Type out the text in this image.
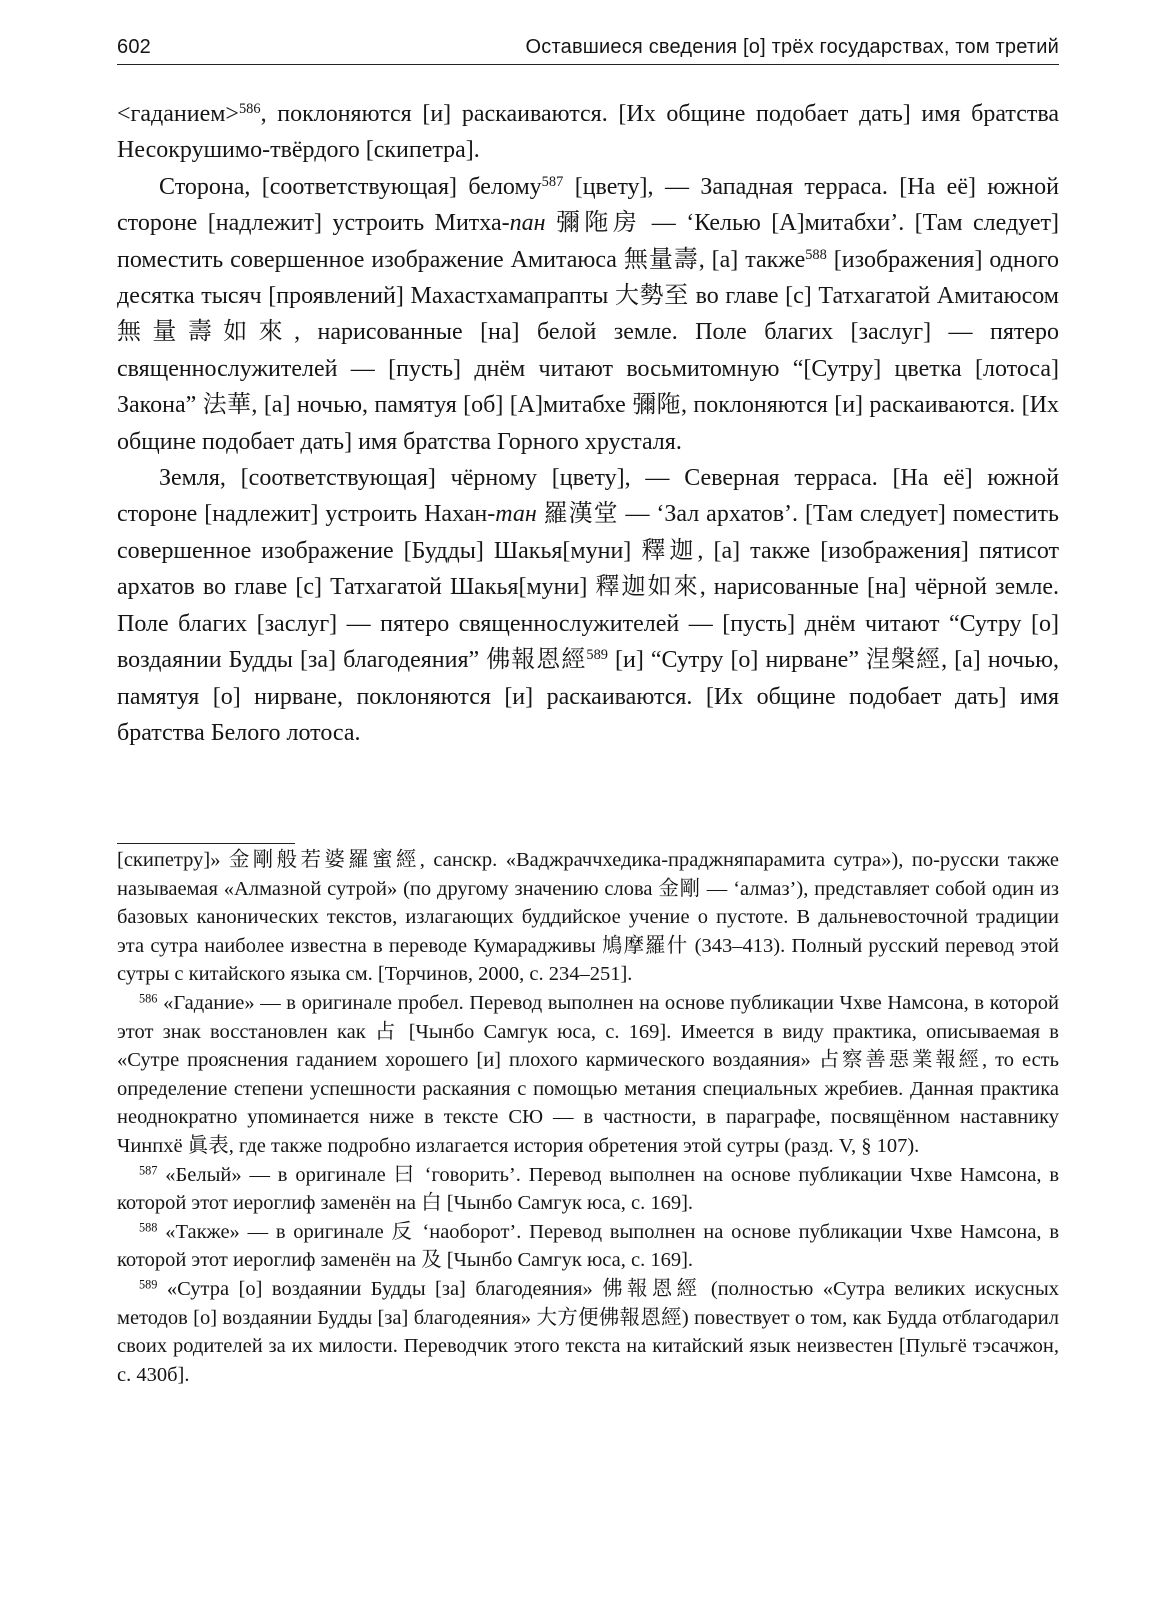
602	Оставшиеся сведения [о] трёх государствах, том третий

<гаданием>$^{586}$, поклоняются [и] раскаиваются. [Их общине подобает дать] имя братства Несокрушимо-твёрдого [скипетра].

Сторона, [соответствующая] белому$^{587}$ [цвету], — Западная терраса. [На её] южной стороне [надлежит] устроить Митха-пан 彌陁房 — ‘Келью [А]митабхи’. [Там следует] поместить совершенное изображение Амитаюса 無量壽, [а] также$^{588}$ [изображения] одного десятка тысяч [проявлений] Махастхамапрапты 大勢至 во главе [с] Татхагатой Амитаюсом 無量壽如來, нарисованные [на] белой земле. Поле благих [заслуг] — пятеро священнослужителей — [пусть] днём читают восьмитомную “[Сутру] цветка [лотоса] Закона” 法華, [а] ночью, памятуя [об] [А]митабхе 彌陁, поклоняются [и] раскаиваются. [Их общине подобает дать] имя братства Горного хрусталя.

Земля, [соответствующая] чёрному [цвету], — Северная терраса. [На её] южной стороне [надлежит] устроить Нахан-тан 羅漢堂 — ‘Зал архатов’. [Там следует] поместить совершенное изображение [Будды] Шакья[муни] 釋迦, [а] также [изображения] пятисот архатов во главе [с] Татхагатой Шакья[муни] 釋迦如來, нарисованные [на] чёрной земле. Поле благих [заслуг] — пятеро священнослужителей — [пусть] днём читают “Сутру [о] воздаянии Будды [за] благодеяния” 佛報恩經$^{589}$ [и] “Сутру [о] нирване” 涅槃經, [а] ночью, памятуя [о] нирване, поклоняются [и] раскаиваются. [Их общине подобает дать] имя братства Белого лотоса.

[скипетру]» 金剛般若婆羅蜜經, санскр. «Ваджраччхедика-праджняпарамита сутра»), по-русски также называемая «Алмазной сутрой» (по другому значению слова 金剛 — ‘алмаз’), представляет собой один из базовых канонических текстов, излагающих буддийское учение о пустоте. В дальневосточной традиции эта сутра наиболее известна в переводе Кумарадживы 鳩摩羅什 (343–413). Полный русский перевод этой сутры с китайского языка см. [Торчинов, 2000, с. 234–251].

$^{586}$ «Гадание» — в оригинале пробел. Перевод выполнен на основе публикации Чхве Намсона, в которой этот знак восстановлен как 占 [Чынбо Самгук юса, с. 169]. Имеется в виду практика, описываемая в «Сутре прояснения гаданием хорошего [и] плохого кармического воздаяния» 占察善惡業報經, то есть определение степени успешности раскаяния с помощью метания специальных жребиев. Данная практика неоднократно упоминается ниже в тексте СЮ — в частности, в параграфе, посвящённом наставнику Чинпхё 眞表, где также подробно излагается история обретения этой сутры (разд. V, § 107).

$^{587}$ «Белый» — в оригинале 曰 ‘говорить’. Перевод выполнен на основе публикации Чхве Намсона, в которой этот иероглиф заменён на 白 [Чынбо Самгук юса, с. 169].

$^{588}$ «Также» — в оригинале 反 ‘наоборот’. Перевод выполнен на основе публикации Чхве Намсона, в которой этот иероглиф заменён на 及 [Чынбо Самгук юса, с. 169].

$^{589}$ «Сутра [о] воздаянии Будды [за] благодеяния» 佛報恩經 (полностью «Сутра великих искусных методов [о] воздаянии Будды [за] благодеяния» 大方便佛報恩經) повествует о том, как Будда отблагодарил своих родителей за их милости. Переводчик этого текста на китайский язык неизвестен [Пульгё тэсачжон, с. 430б].
